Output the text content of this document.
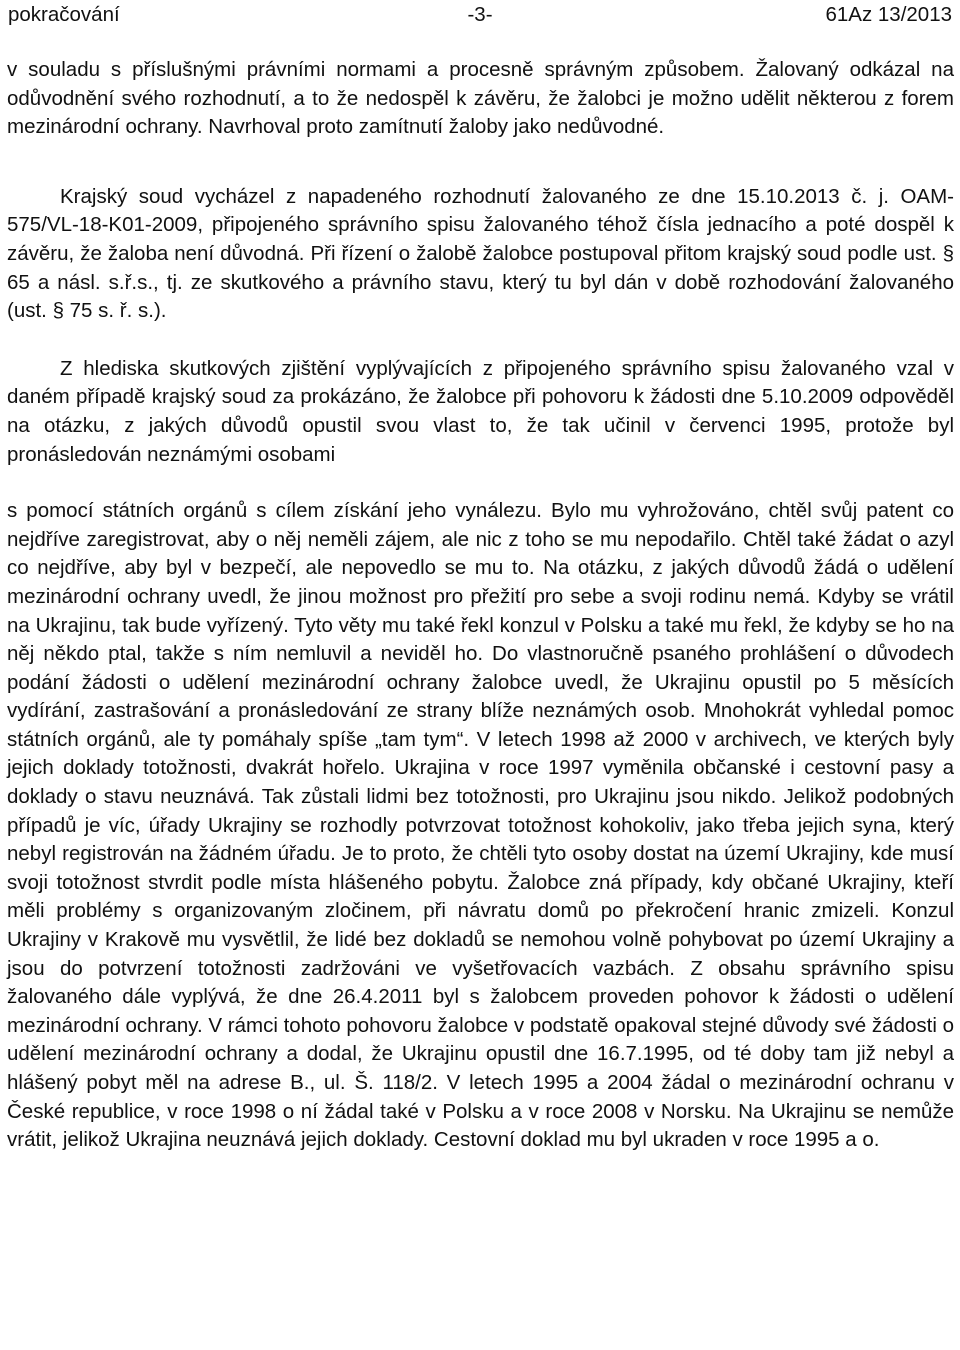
pokračování	-3-	61Az 13/2013

v souladu s příslušnými právními normami a procesně správným způsobem. Žalovaný odkázal na odůvodnění svého rozhodnutí, a to že nedospěl k závěru, že žalobci je možno udělit některou z forem mezinárodní ochrany. Navrhoval proto zamítnutí žaloby jako nedůvodné.

Krajský soud vycházel z napadeného rozhodnutí žalovaného ze dne 15.10.2013 č. j. OAM-575/VL-18-K01-2009, připojeného správního spisu žalovaného téhož čísla jednacího a poté dospěl k závěru, že žaloba není důvodná. Při řízení o žalobě žalobce postupoval přitom krajský soud podle ust. § 65 a násl. s.ř.s., tj. ze skutkového a právního stavu, který tu byl dán v době rozhodování žalovaného (ust. § 75 s. ř. s.).

Z hlediska skutkových zjištění vyplývajících z připojeného správního spisu žalovaného vzal v daném případě krajský soud za prokázáno, že žalobce při pohovoru k žádosti dne 5.10.2009 odpověděl na otázku, z jakých důvodů opustil svou vlast to, že tak učinil v červenci 1995, protože byl pronásledován neznámými osobami

s pomocí státních orgánů s cílem získání jeho vynálezu. Bylo mu vyhrožováno, chtěl svůj patent co nejdříve zaregistrovat, aby o něj neměli zájem, ale nic z toho se mu nepodařilo. Chtěl také žádat o azyl co nejdříve, aby byl v bezpečí, ale nepovedlo se mu to. Na otázku, z jakých důvodů žádá o udělení mezinárodní ochrany uvedl, že jinou možnost pro přežití pro sebe a svoji rodinu nemá. Kdyby se vrátil na Ukrajinu, tak bude vyřízený. Tyto věty mu také řekl konzul v Polsku a také mu řekl, že kdyby se ho na něj někdo ptal, takže s ním nemluvil a neviděl ho. Do vlastnoručně psaného prohlášení o důvodech podání žádosti o udělení mezinárodní ochrany žalobce uvedl, že Ukrajinu opustil po 5 měsících vydírání, zastrašování a pronásledování ze strany blíže neznámých osob. Mnohokrát vyhledal pomoc státních orgánů, ale ty pomáhaly spíše „tam tym“. V letech 1998 až 2000 v archivech, ve kterých byly jejich doklady totožnosti, dvakrát hořelo. Ukrajina v roce 1997 vyměnila občanské i cestovní pasy a doklady o stavu neuznává. Tak zůstali lidmi bez totožnosti, pro Ukrajinu jsou nikdo. Jelikož podobných případů je víc, úřady Ukrajiny se rozhodly potvrzovat totožnost kohokoliv, jako třeba jejich syna, který nebyl registrován na žádném úřadu. Je to proto, že chtěli tyto osoby dostat na území Ukrajiny, kde musí svoji totožnost stvrdit podle místa hlášeného pobytu. Žalobce zná případy, kdy občané Ukrajiny, kteří měli problémy s organizovaným zločinem, při návratu domů po překročení hranic zmizeli. Konzul Ukrajiny v Krakově mu vysvětlil, že lidé bez dokladů se nemohou volně pohybovat po území Ukrajiny a jsou do potvrzení totožnosti zadržováni ve vyšetřovacích vazbách. Z obsahu správního spisu žalovaného dále vyplývá, že dne 26.4.2011 byl s žalobcem proveden pohovor k žádosti o udělení mezinárodní ochrany. V rámci tohoto pohovoru žalobce v podstatě opakoval stejné důvody své žádosti o udělení mezinárodní ochrany a dodal, že Ukrajinu opustil dne 16.7.1995, od té doby tam již nebyl a hlášený pobyt měl na adrese B., ul. Š. 118/2. V letech 1995 a 2004 žádal o mezinárodní ochranu v České republice, v roce 1998 o ní žádal také v Polsku a v roce 2008 v Norsku. Na Ukrajinu se nemůže vrátit, jelikož Ukrajina neuznává jejich doklady. Cestovní doklad mu byl ukraden v roce 1995 a o.
